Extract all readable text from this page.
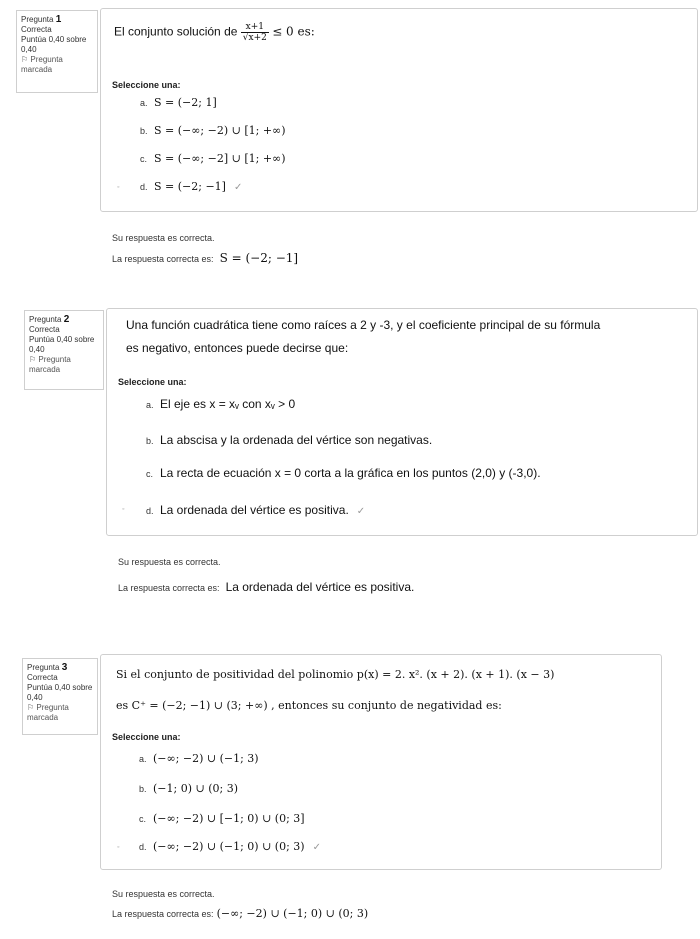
Pregunta 1
Correcta
Puntúa 0,40 sobre 0,40
⚐ Pregunta marcada
El conjunto solución de $\frac{x+1}{√x+2} \le 0$ es:
Seleccione una:
a. S = (−2; 1]
b. S = (−∞; −2) ∪ [1; +∞)
c. S = (−∞; −2] ∪ [1; +∞)
◦ d. S = (−2; −1] ✓
Su respuesta es correcta.
La respuesta correcta es: S = (−2; −1]
Pregunta 2
Correcta
Puntúa 0,40 sobre 0,40
⚐ Pregunta marcada
Una función cuadrática tiene como raíces a 2 y -3, y el coeficiente principal de su fórmula
es negativo, entonces puede decirse que:
Seleccione una:
a. El eje es x = xᵥ con xᵥ > 0
b. La abscisa y la ordenada del vértice son negativas.
c. La recta de ecuación x = 0 corta a la gráfica en los puntos (2,0) y (-3,0).
◦ d. La ordenada del vértice es positiva. ✓
Su respuesta es correcta.
La respuesta correcta es: La ordenada del vértice es positiva.
Pregunta 3
Correcta
Puntúa 0,40 sobre 0,40
⚐ Pregunta marcada
Si el conjunto de positividad del polinomio p(x) = 2. x². (x + 2). (x + 1). (x − 3)
es C⁺ = (−2; −1) ∪ (3; +∞) , entonces su conjunto de negatividad es:
Seleccione una:
a. (−∞; −2) ∪ (−1; 3)
b. (−1; 0) ∪ (0; 3)
c. (−∞; −2) ∪ [−1; 0) ∪ (0; 3]
◦ d. (−∞; −2) ∪ (−1; 0) ∪ (0; 3) ✓
Su respuesta es correcta.
La respuesta correcta es: (−∞; −2) ∪ (−1; 0) ∪ (0; 3)
